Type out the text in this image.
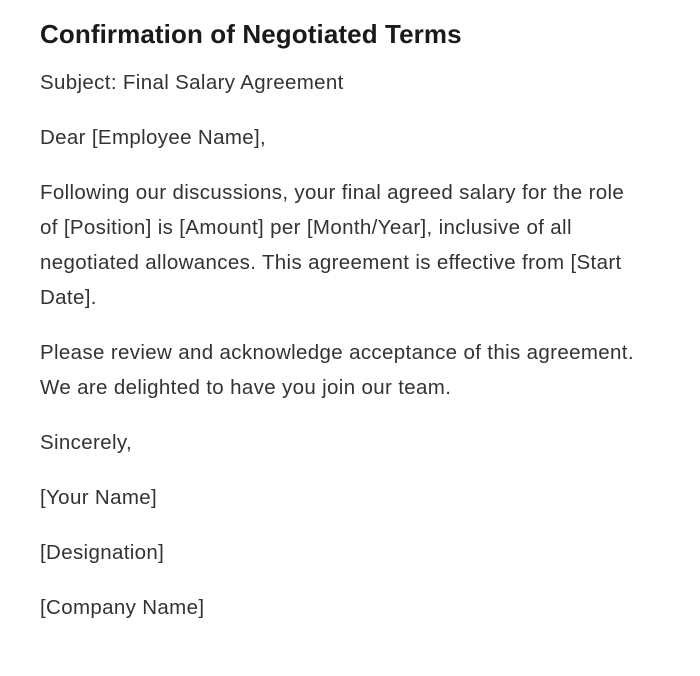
Confirmation of Negotiated Terms

Subject: Final Salary Agreement

Dear [Employee Name],

Following our discussions, your final agreed salary for the role
of [Position] is [Amount] per [Month/Year], inclusive of all
negotiated allowances. This agreement is effective from [Start
Date].

Please review and acknowledge acceptance of this agreement.
We are delighted to have you join our team.

Sincerely,

[Your Name]

[Designation]

[Company Name]
